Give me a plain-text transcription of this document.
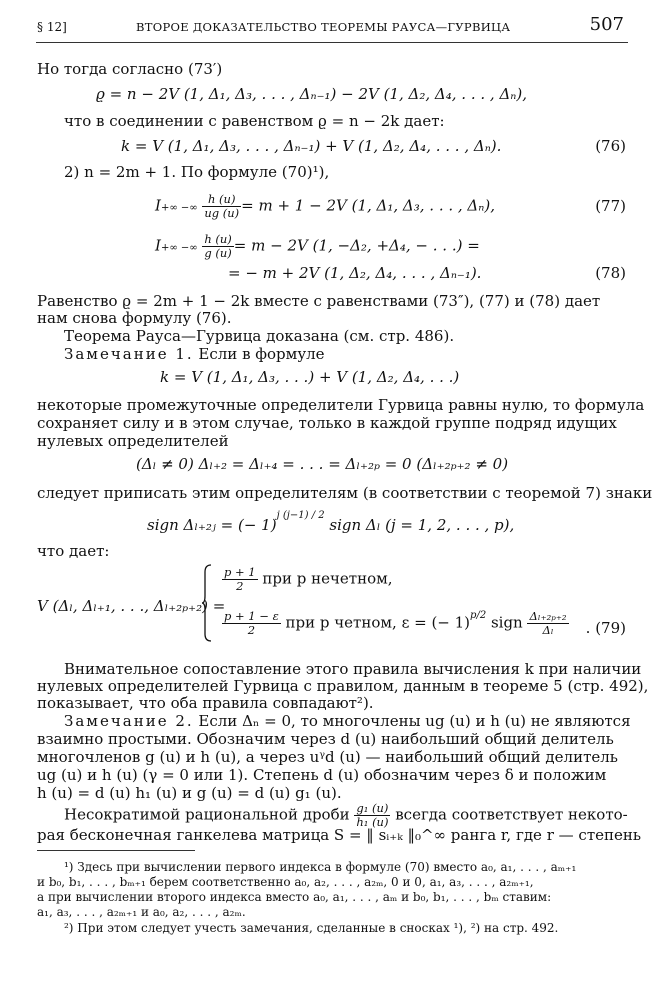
§ 12]	ВТОРОЕ ДОКАЗАТЕЛЬСТВО ТЕОРЕМЫ РАУСА—ГУРВИЦА	507
Но тогда согласно (73′)
ϱ = n − 2V (1, Δ₁, Δ₃, . . . , Δₙ₋₁) − 2V (1, Δ₂, Δ₄, . . . , Δₙ),
что в соединении с равенством ϱ = n − 2k дает:
k = V (1, Δ₁, Δ₃, . . . , Δₙ₋₁) + V (1, Δ₂, Δ₄, . . . , Δₙ).	(76)
2) n = 2m + 1. По формуле (70)¹),
I+∞ −∞ $\frac{h (u)}{ug (u)} = m + 1 - 2V$ (1, Δ₁, Δ₃, . . . , Δₙ),	(77)
I+∞ −∞ $\frac{h (u)}{g (u)} = m - 2V$ (1, −Δ₂, +Δ₄, − . . .) =
= − m + 2V (1, Δ₂, Δ₄, . . . , Δₙ₋₁).	(78)
Равенство ϱ = 2m + 1 − 2k вместе с равенствами (73″), (77) и (78) дает
нам снова формулу (76).
Теорема Рауса—Гурвица доказана (см. стр. 486).
Замечание 1. Если в формуле
k = V (1, Δ₁, Δ₃, . . .) + V (1, Δ₂, Δ₄, . . .)
некоторые промежуточные определители Гурвица равны нулю, то формула
сохраняет силу и в этом случае, только в каждой группе подряд идущих
нулевых определителей
(Δₗ ≠ 0) Δₗ₊₂ = Δₗ₊₄ = . . . = Δₗ₊₂ₚ = 0 (Δₗ₊₂ₚ₊₂ ≠ 0)
следует приписать этим определителям (в соответствии с теоремой 7) знаки
sign Δₗ₊₂ⱼ = (− 1)$^{j (j-1) / 2}$ sign Δₗ (j = 1, 2, . . . , p),
что дает:
V (Δₗ, Δₗ₊₁, . . ., Δₗ₊₂ₚ₊₂) =
$\frac{p + 1}{2}$ при p нечетном,
$\frac{p + 1 - \varepsilon}{2}$ при p четном, ε = (− 1)$^{p/2}$ sign $\frac{\text{Δₗ₊₂ₚ₊₂}}{\text{Δₗ}}$ . (79)
Внимательное сопоставление этого правила вычисления k при наличии
нулевых определителей Гурвица с правилом, данным в теореме 5 (стр. 492),
показывает, что оба правила совпадают²).
Замечание 2. Если Δₙ = 0, то многочлены ug (u) и h (u) не являются
взаимно простыми. Обозначим через d (u) наибольший общий делитель
многочленов g (u) и h (u), а через uᵞd (u) — наибольший общий делитель
ug (u) и h (u) (γ = 0 или 1). Степень d (u) обозначим через δ и положим
h (u) = d (u) h₁ (u) и g (u) = d (u) g₁ (u).
Несократимой рациональной дроби $\frac{\text{g₁ (u)}}{\text{h₁ (u)}}$ всегда соответствует некото-
рая бесконечная ганкелева матрица S = ‖ sᵢ₊ₖ ‖₀^∞ ранга r, где r — степень
¹) Здесь при вычислении первого индекса в формуле (70) вместо a₀, a₁, . . . , aₘ₊₁
и b₀, b₁, . . . , bₘ₊₁ берем соответственно a₀, a₂, . . . , a₂ₘ, 0 и 0, a₁, a₃, . . . , a₂ₘ₊₁,
а при вычислении второго индекса вместо a₀, a₁, . . . , aₘ и b₀, b₁, . . . , bₘ ставим:
a₁, a₃, . . . , a₂ₘ₊₁ и a₀, a₂, . . . , a₂ₘ.
²) При этом следует учесть замечания, сделанные в сносках ¹), ²) на стр. 492.
